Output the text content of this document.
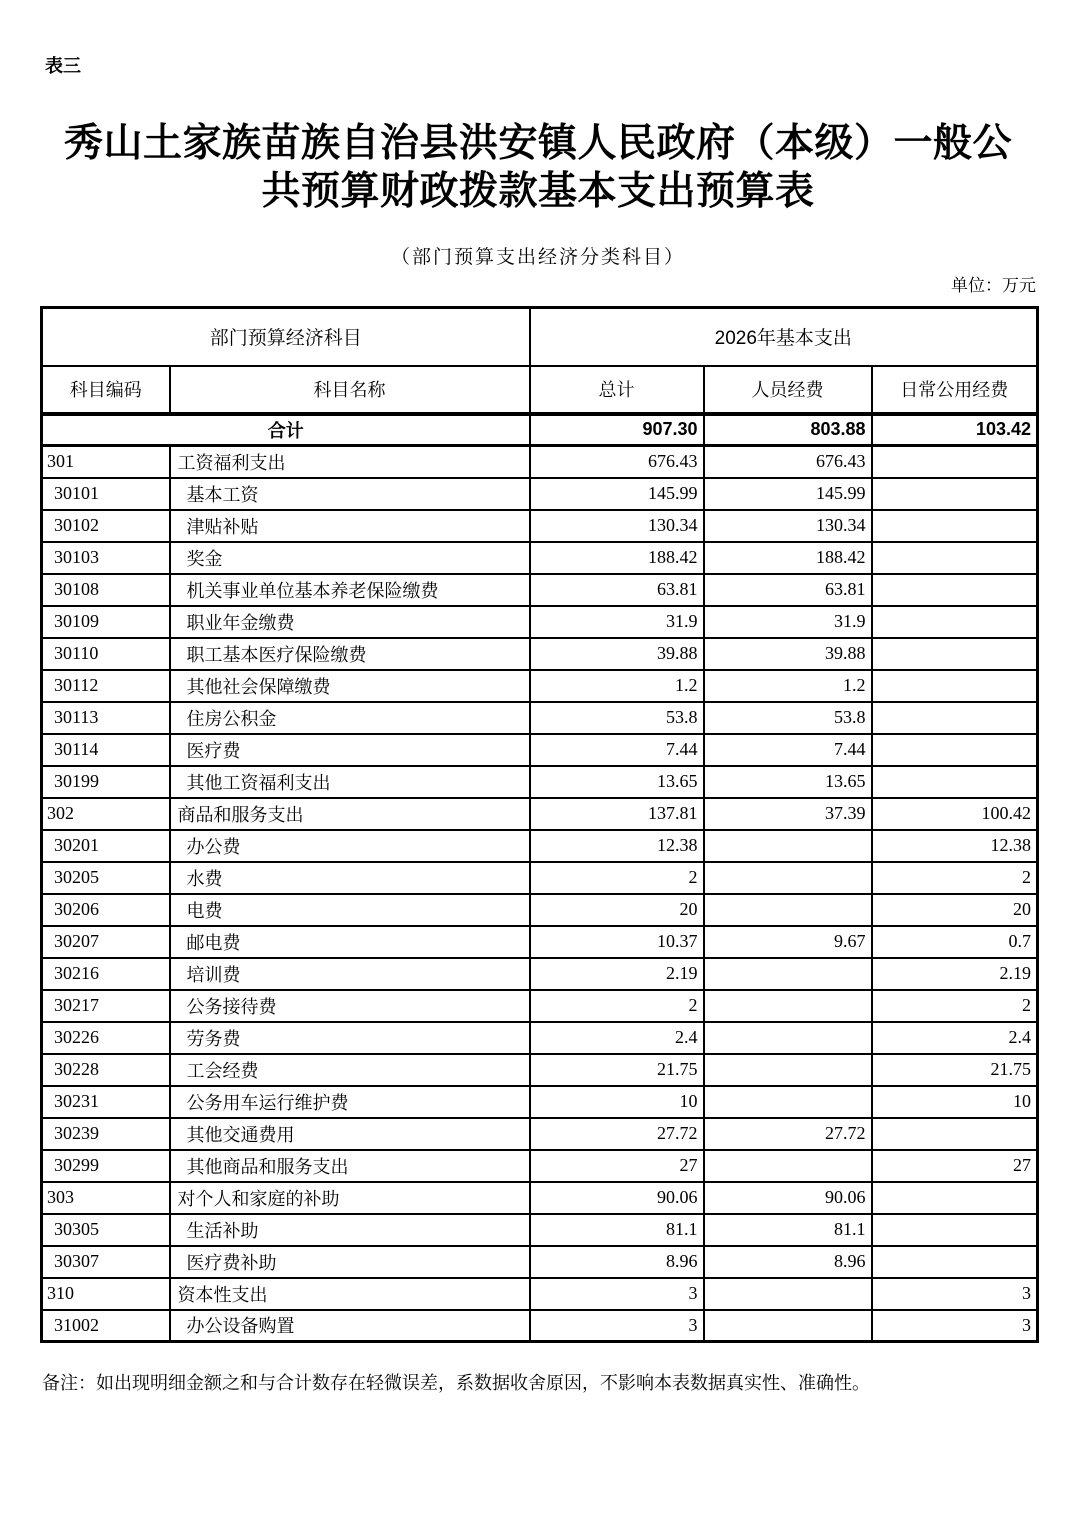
表三
秀山土家族苗族自治县洪安镇人民政府（本级）一般公
共预算财政拨款基本支出预算表
（部门预算支出经济分类科目）
单位：万元
部门预算经济科目		2026年基本支出		
科目编码	科目名称	总计	人员经费	日常公用经费
合计		907.30	803.88	103.42
301	工资福利支出	676.43	676.43	
30101	基本工资	145.99	145.99	
30102	津贴补贴	130.34	130.34	
30103	奖金	188.42	188.42	
30108	机关事业单位基本养老保险缴费	63.81	63.81	
30109	职业年金缴费	31.9	31.9	
30110	职工基本医疗保险缴费	39.88	39.88	
30112	其他社会保障缴费	1.2	1.2	
30113	住房公积金	53.8	53.8	
30114	医疗费	7.44	7.44	
30199	其他工资福利支出	13.65	13.65	
302	商品和服务支出	137.81	37.39	100.42
30201	办公费	12.38		12.38
30205	水费	2		2
30206	电费	20		20
30207	邮电费	10.37	9.67	0.7
30216	培训费	2.19		2.19
30217	公务接待费	2		2
30226	劳务费	2.4		2.4
30228	工会经费	21.75		21.75
30231	公务用车运行维护费	10		10
30239	其他交通费用	27.72	27.72	
30299	其他商品和服务支出	27		27
303	对个人和家庭的补助	90.06	90.06	
30305	生活补助	81.1	81.1	
30307	医疗费补助	8.96	8.96	
310	资本性支出	3		3
31002	办公设备购置	3		3
备注：如出现明细金额之和与合计数存在轻微误差，系数据收舍原因，不影响本表数据真实性、准确性。
